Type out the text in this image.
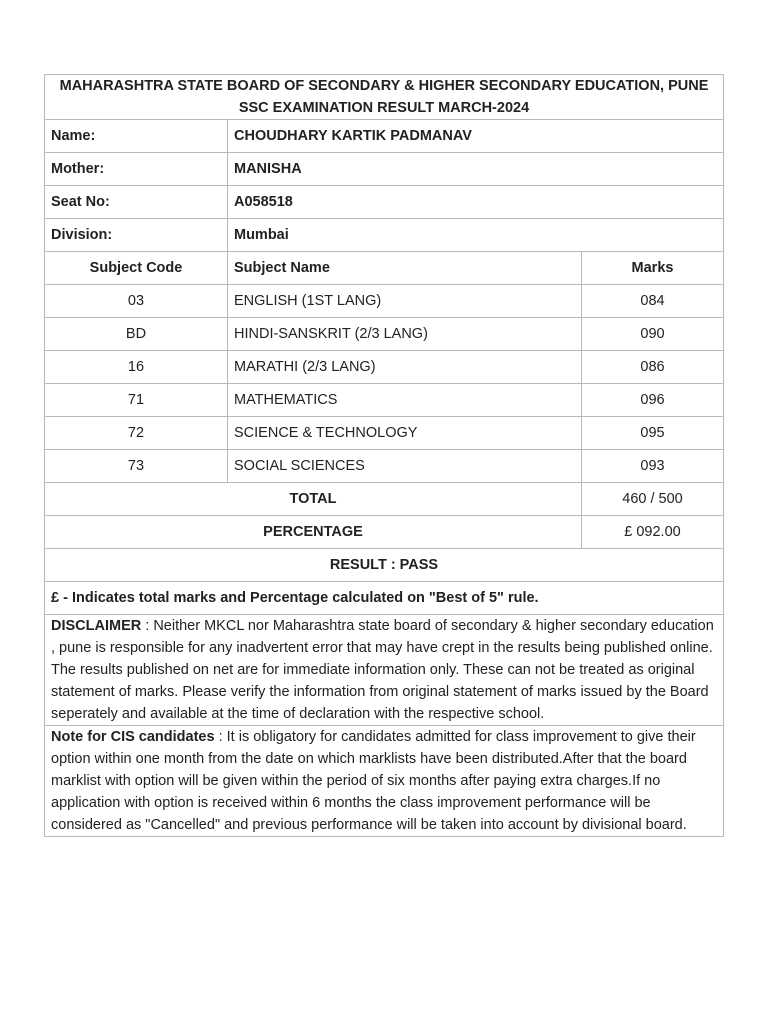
MAHARASHTRA STATE BOARD OF SECONDARY & HIGHER SECONDARY EDUCATION, PUNE
SSC EXAMINATION RESULT MARCH-2024		

Name:	CHOUDHARY KARTIK PADMANAV	
Mother:	MANISHA	
Seat No:	A058518	
Division:	Mumbai	
Subject Code	Subject Name	Marks
03	ENGLISH (1ST LANG)	084
BD	HINDI-SANSKRIT (2/3 LANG)	090
16	MARATHI (2/3 LANG)	086
71	MATHEMATICS	096
72	SCIENCE & TECHNOLOGY	095
73	SOCIAL SCIENCES	093
TOTAL		460 / 500
PERCENTAGE		£ 092.00
RESULT : PASS		
£ - Indicates total marks and Percentage calculated on "Best of 5" rule.		
DISCLAIMER : Neither MKCL nor Maharashtra state board of secondary & higher secondary education , pune is responsible for any inadvertent error that may have crept in the results being published online. The results published on net are for immediate information only. These can not be treated as original statement of marks. Please verify the information from original statement of marks issued by the Board seperately and available at the time of declaration with the respective school.		
Note for CIS candidates : It is obligatory for candidates admitted for class improvement to give their option within one month from the date on which marklists have been distributed.After that the board marklist with option will be given within the period of six months after paying extra charges.If no application with option is received within 6 months the class improvement performance will be considered as "Cancelled" and previous performance will be taken into account by divisional board.		
